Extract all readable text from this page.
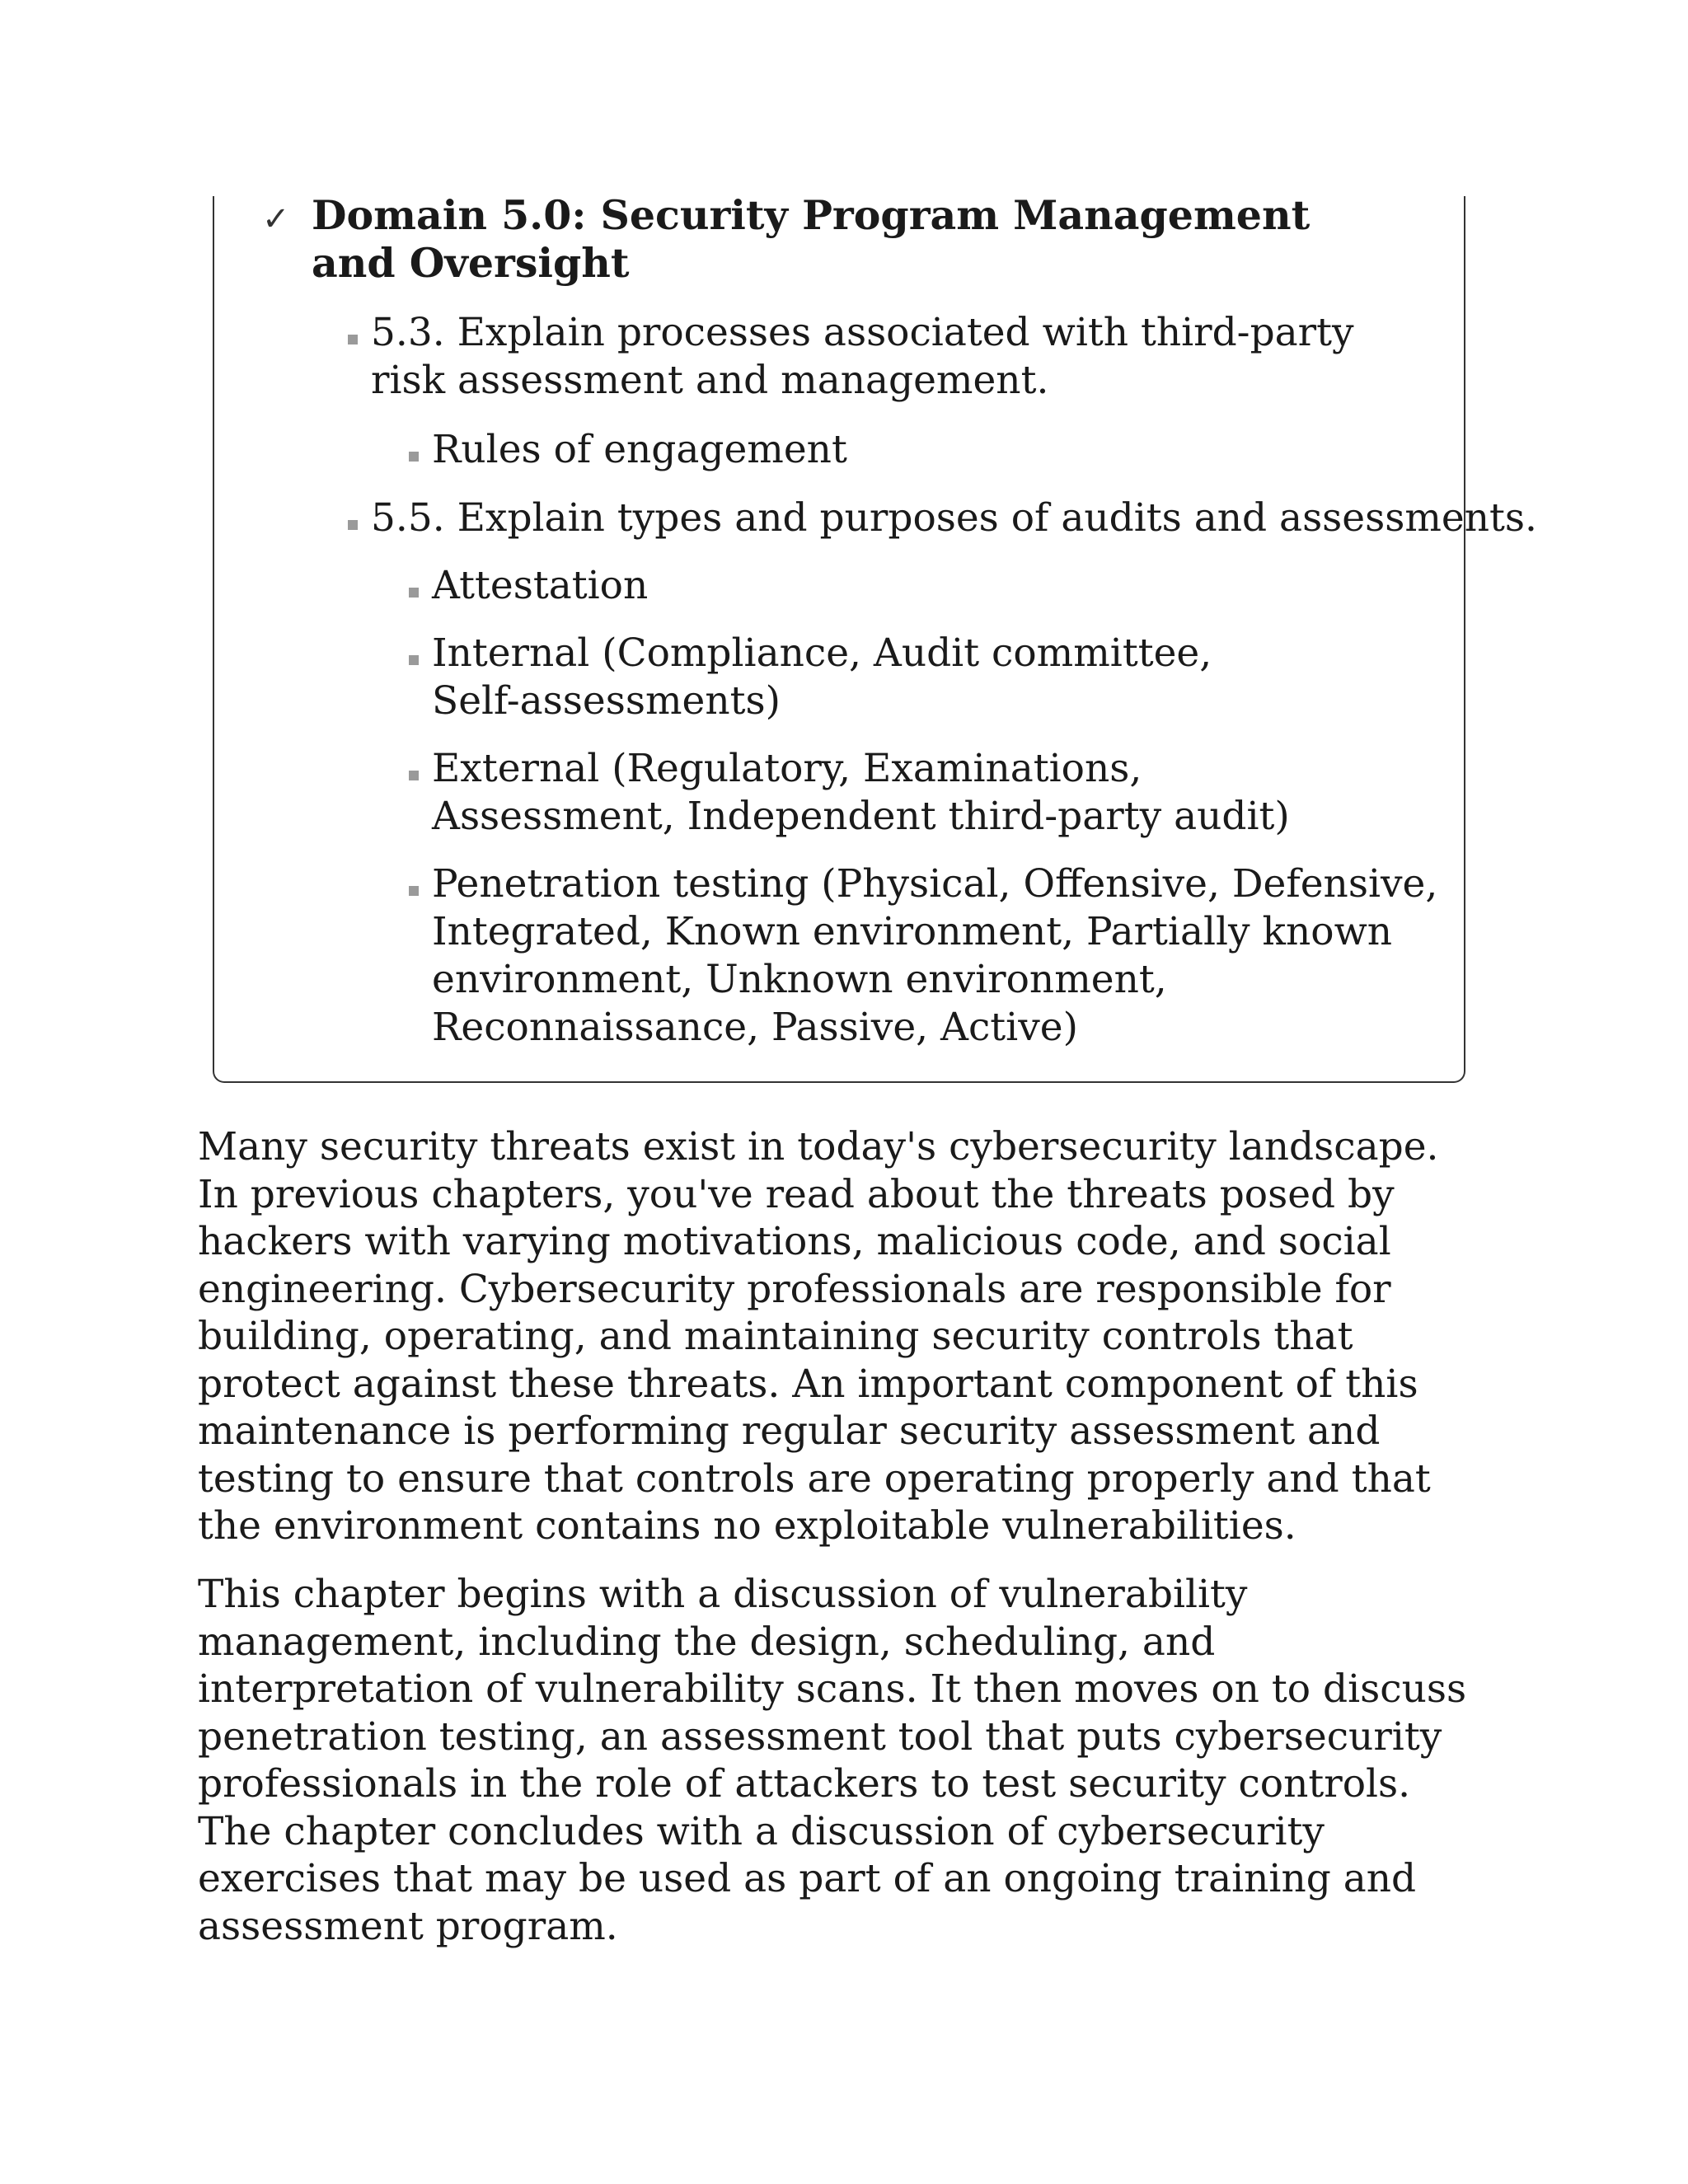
✓ Domain 5.0: Security Program Management and Oversight
5.3. Explain processes associated with third-party risk assessment and management.
Rules of engagement
5.5. Explain types and purposes of audits and assessments.
Attestation
Internal (Compliance, Audit committee, Self-assessments)
External (Regulatory, Examinations, Assessment, Independent third-party audit)
Penetration testing (Physical, Offensive, Defensive, Integrated, Known environment, Partially known environment, Unknown environment, Reconnaissance, Passive, Active)

Many security threats exist in today's cybersecurity landscape. In previous chapters, you've read about the threats posed by hackers with varying motivations, malicious code, and social engineering. Cybersecurity professionals are responsible for building, operating, and maintaining security controls that protect against these threats. An important component of this maintenance is performing regular security assessment and testing to ensure that controls are operating properly and that the environment contains no exploitable vulnerabilities.

This chapter begins with a discussion of vulnerability management, including the design, scheduling, and interpretation of vulnerability scans. It then moves on to discuss penetration testing, an assessment tool that puts cybersecurity professionals in the role of attackers to test security controls. The chapter concludes with a discussion of cybersecurity exercises that may be used as part of an ongoing training and assessment program.
